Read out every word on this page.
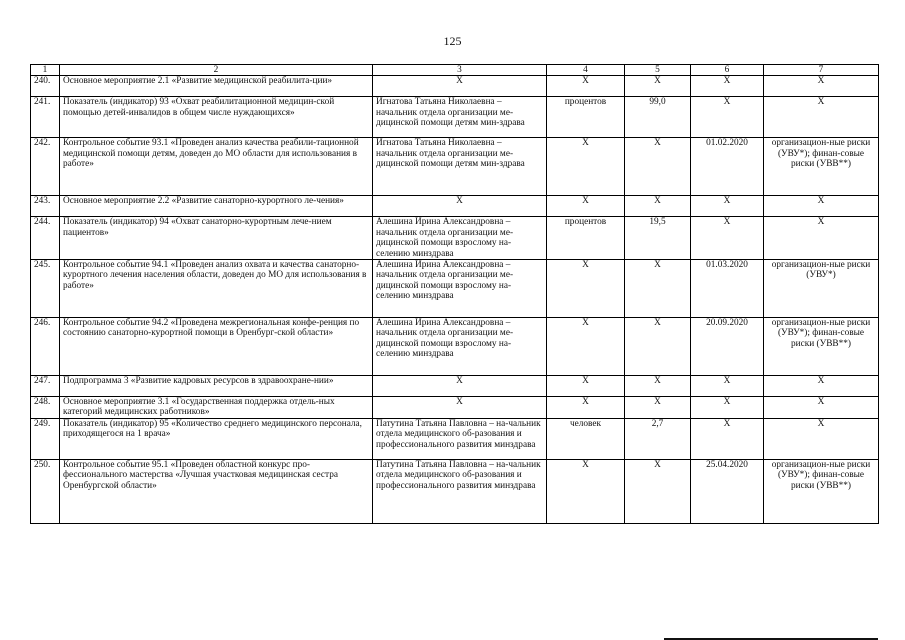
125
1	2	3	4	5	6	7
240.	Основное мероприятие 2.1 «Развитие медицинской реабилита-ции»	Х	Х	Х	Х	Х
241.	Показатель (индикатор) 93 «Охват реабилитационной медицин-ской помощью детей-инвалидов в общем числе нуждающихся»	Игнатова Татьяна Николаевна – начальник отдела организации ме-дицинской помощи детям мин-здрава	процентов	99,0	Х	Х
242.	Контрольное событие 93.1 «Проведен анализ качества реабили-тационной медицинской помощи детям, доведен до МО области для использования в работе»	Игнатова Татьяна Николаевна – начальник отдела организации ме-дицинской помощи детям мин-здрава	Х	Х	01.02.2020	организацион-ные риски (УВУ*); финан-совые риски (УВВ**)
243.	Основное мероприятие 2.2 «Развитие санаторно-курортного ле-чения»	Х	Х	Х	Х	Х
244.	Показатель (индикатор) 94 «Охват санаторно-курортным лече-нием пациентов»	Алешина Ирина Александровна – начальник отдела организации ме-дицинской помощи взрослому на-селению минздрава	процентов	19,5	Х	Х
245.	Контрольное событие 94.1 «Проведен анализ охвата и качества санаторно-курортного лечения населения области, доведен до МО для использования в работе»	Алешина Ирина Александровна – начальник отдела организации ме-дицинской помощи взрослому на-селению минздрава	Х	Х	01.03.2020	организацион-ные риски (УВУ*)
246.	Контрольное событие 94.2 «Проведена межрегиональная конфе-ренция по состоянию санаторно-курортной помощи в Оренбург-ской области»	Алешина Ирина Александровна – начальник отдела организации ме-дицинской помощи взрослому на-селению минздрава	Х	Х	20.09.2020	организацион-ные риски (УВУ*); финан-совые риски (УВВ**)
247.	Подпрограмма 3 «Развитие кадровых ресурсов в здравоохране-нии»	Х	Х	Х	Х	Х
248.	Основное мероприятие 3.1 «Государственная поддержка отдель-ных категорий медицинских работников»	Х	Х	Х	Х	Х
249.	Показатель (индикатор) 95 «Количество среднего медицинского персонала, приходящегося на 1 врача»	Патутина Татьяна Павловна – на-чальник отдела медицинского об-разования и профессионального развития минздрава	человек	2,7	Х	Х
250.	Контрольное событие 95.1 «Проведен областной конкурс про-фессионального мастерства «Лучшая участковая медицинская сестра Оренбургской области»	Патутина Татьяна Павловна – на-чальник отдела медицинского об-разования и профессионального развития минздрава	Х	Х	25.04.2020	организацион-ные риски (УВУ*); финан-совые риски (УВВ**)
